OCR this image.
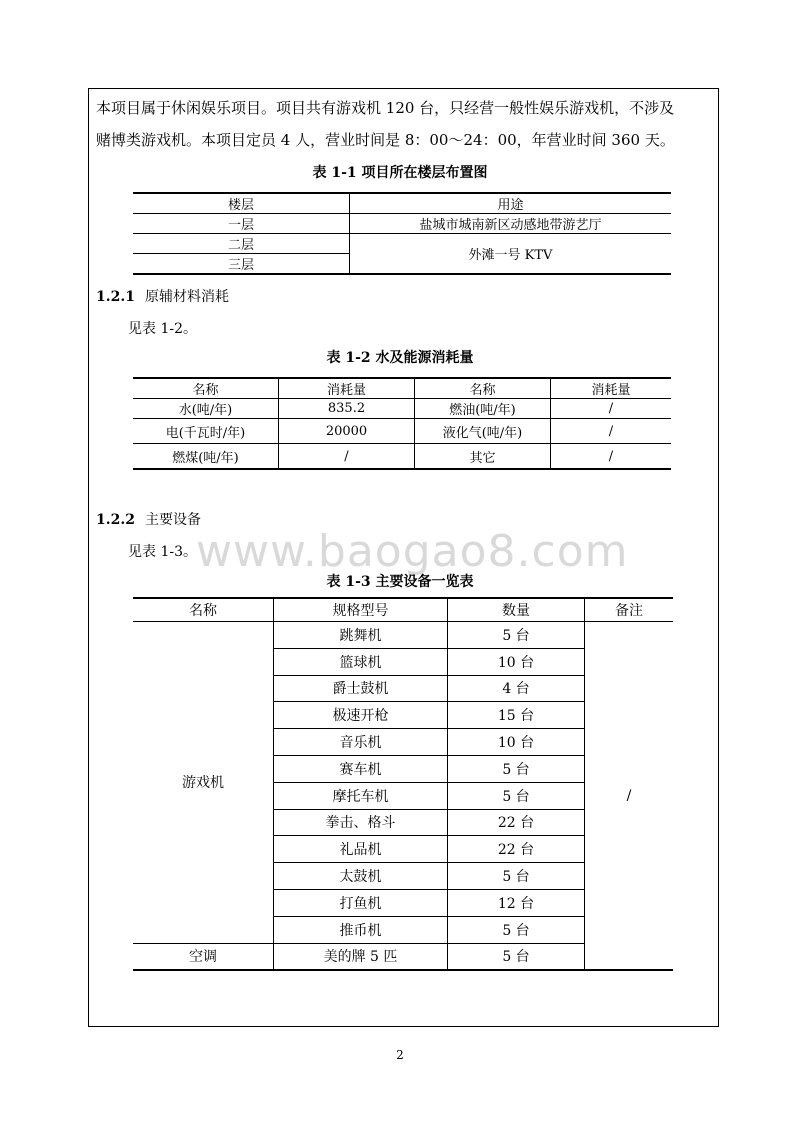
本项目属于休闲娱乐项目。项目共有游戏机 120 台，只经营一般性娱乐游戏机，不涉及
赌博类游戏机。本项目定员 4 人，营业时间是 8：00～24：00，年营业时间 360 天。
表 1-1 项目所在楼层布置图
楼层	用途
一层	盐城市城南新区动感地带游艺厅
二层	外滩一号 KTV
三层	
1.2.1 原辅材料消耗
见表 1-2。
表 1-2 水及能源消耗量
名称	消耗量	名称	消耗量
水(吨/年)	835.2	燃油(吨/年)	/
电(千瓦时/年)	20000	液化气(吨/年)	/
燃煤(吨/年)	/	其它	/
1.2.2 主要设备
见表 1-3。 www.baogao8.com
表 1-3 主要设备一览表
名称	规格型号	数量	备注
游戏机	跳舞机	5 台	/
	篮球机	10 台	
	爵士鼓机	4 台	
	极速开枪	15 台	
	音乐机	10 台	
	赛车机	5 台	
	摩托车机	5 台	
	拳击、格斗	22 台	
	礼品机	22 台	
	太鼓机	5 台	
	打鱼机	12 台	
	推币机	5 台	
空调	美的牌 5 匹	5 台	
2
